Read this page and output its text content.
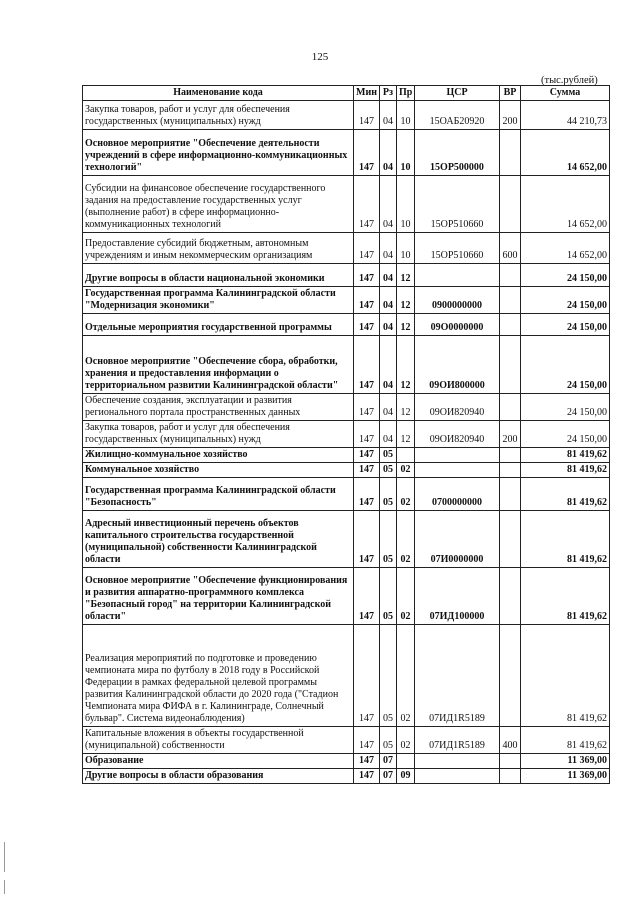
125
(тыс.рублей)
Наименование кода	Мин	Рз	Пр	ЦСР	ВР	Сумма
Закупка товаров, работ и услуг для обеспечения государственных (муниципальных) нужд	147	04	10	15ОАБ20920	200	44 210,73
Основное мероприятие "Обеспечение деятельности учреждений в сфере информационно-коммуникационных технологий"	147	04	10	15ОР500000		14 652,00
Субсидии на финансовое обеспечение государственного задания на предоставление государственных услуг (выполнение работ) в сфере информационно-коммуникационных технологий	147	04	10	15ОР510660		14 652,00
Предоставление субсидий бюджетным, автономным учреждениям и иным некоммерческим организациям	147	04	10	15ОР510660	600	14 652,00
Другие вопросы в области национальной экономики	147	04	12			24 150,00
Государственная программа Калининградской области "Модернизация экономики"	147	04	12	0900000000		24 150,00
Отдельные мероприятия государственной программы	147	04	12	09О0000000		24 150,00
Основное мероприятие "Обеспечение сбора, обработки, хранения и предоставления информации о территориальном развитии Калининградской области"	147	04	12	09ОИ800000		24 150,00
Обеспечение создания, эксплуатации и развития регионального портала пространственных данных	147	04	12	09ОИ820940		24 150,00
Закупка товаров, работ и услуг для обеспечения государственных (муниципальных) нужд	147	04	12	09ОИ820940	200	24 150,00
Жилищно-коммунальное хозяйство	147	05				81 419,62
Коммунальное хозяйство	147	05	02			81 419,62
Государственная программа Калининградской области "Безопасность"	147	05	02	0700000000		81 419,62
Адресный инвестиционный перечень объектов капитального строительства государственной (муниципальной) собственности Калининградской области	147	05	02	07И0000000		81 419,62
Основное мероприятие "Обеспечение функционирования и развития аппаратно-программного комплекса "Безопасный город" на территории Калининградской области"	147	05	02	07ИД100000		81 419,62
Реализация мероприятий по подготовке и проведению чемпионата мира по футболу в 2018 году в Российской Федерации в рамках федеральной целевой программы развития Калининградской области до 2020 года ("Стадион Чемпионата мира ФИФА в г. Калининграде, Солнечный бульвар". Система видеонаблюдения)	147	05	02	07ИД1R5189		81 419,62
Капитальные вложения в объекты государственной (муниципальной) собственности	147	05	02	07ИД1R5189	400	81 419,62
Образование	147	07				11 369,00
Другие вопросы в области образования	147	07	09			11 369,00
